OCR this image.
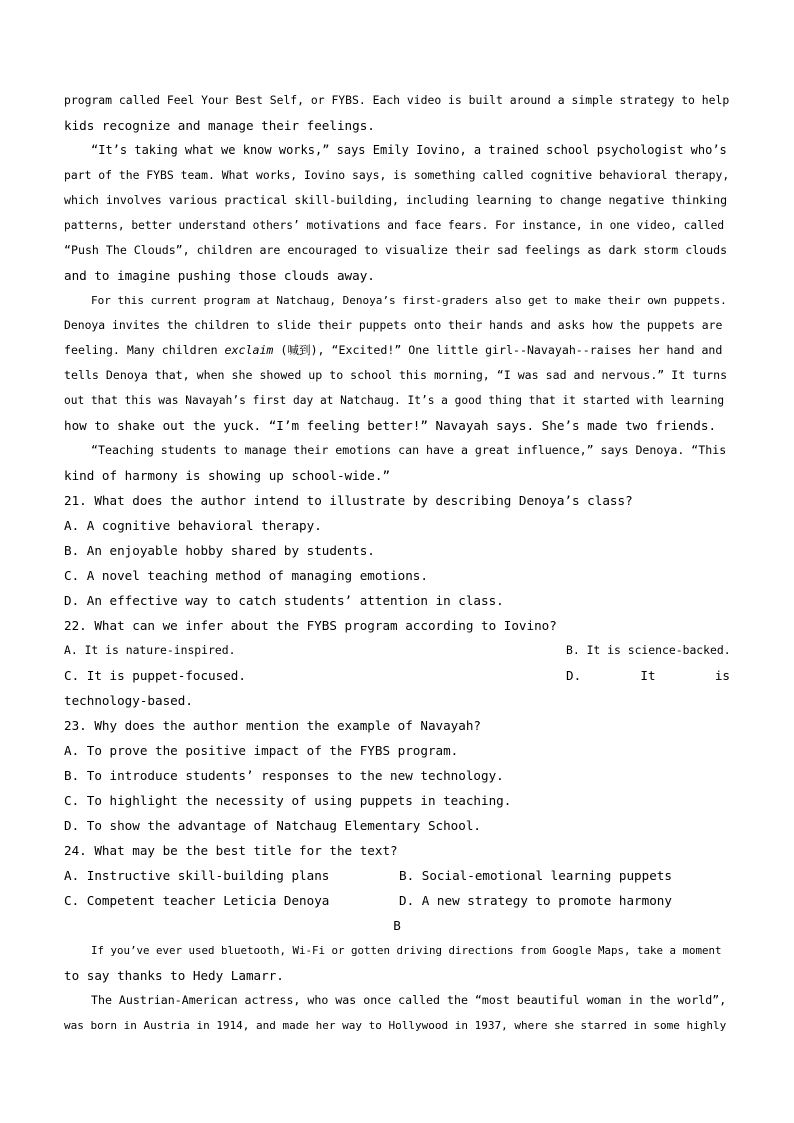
program called Feel Your Best Self, or FYBS. Each video is built around a simple strategy to help
kids recognize and manage their feelings.
“It’s taking what we know works,” says Emily Iovino, a trained school psychologist who’s
part of the FYBS team. What works, Iovino says, is something called cognitive behavioral therapy,
which involves various practical skill-building, including learning to change negative thinking
patterns, better understand others’ motivations and face fears. For instance, in one video, called
“Push The Clouds”, children are encouraged to visualize their sad feelings as dark storm clouds
and to imagine pushing those clouds away.
For this current program at Natchaug, Denoya’s first-graders also get to make their own puppets.
Denoya invites the children to slide their puppets onto their hands and asks how the puppets are
feeling. Many children exclaim (喊到), “Excited!” One little girl--Navayah--raises her hand and
tells Denoya that, when she showed up to school this morning, “I was sad and nervous.” It turns
out that this was Navayah’s first day at Natchaug. It’s a good thing that it started with learning
how to shake out the yuck. “I’m feeling better!” Navayah says. She’s made two friends.
“Teaching students to manage their emotions can have a great influence,” says Denoya. “This
kind of harmony is showing up school-wide.”
21. What does the author intend to illustrate by describing Denoya’s class?
A. A cognitive behavioral therapy.
B. An enjoyable hobby shared by students.
C. A novel teaching method of managing emotions.
D. An effective way to catch students’ attention in class.
22. What can we infer about the FYBS program according to Iovino?
A. It is nature-inspired.	B. It is science-backed.
C. It is puppet-focused.	D.	It	is
technology-based.
23. Why does the author mention the example of Navayah?
A. To prove the positive impact of the FYBS program.
B. To introduce students’ responses to the new technology.
C. To highlight the necessity of using puppets in teaching.
D. To show the advantage of Natchaug Elementary School.
24. What may be the best title for the text?
A. Instructive skill-building plans	B. Social-emotional learning puppets
C. Competent teacher Leticia Denoya	D. A new strategy to promote harmony
B
If you’ve ever used bluetooth, Wi-Fi or gotten driving directions from Google Maps, take a moment
to say thanks to Hedy Lamarr.
The Austrian-American actress, who was once called the “most beautiful woman in the world”,
was born in Austria in 1914, and made her way to Hollywood in 1937, where she starred in some highly
